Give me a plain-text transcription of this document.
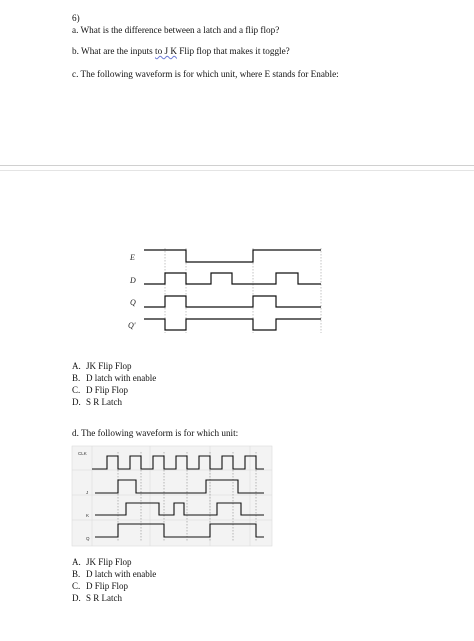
6)
a. What is the difference between a latch and a flip flop?
b. What are the inputs to J K Flip flop that makes it toggle?
c. The following waveform is for which unit, where E stands for Enable:
E
D
Q
Q'
A. JK Flip Flop
B. D latch with enable
C. D Flip Flop
D. S R Latch
d. The following waveform is for which unit:
CLK
J
K
Q
A. JK Flip Flop
B. D latch with enable
C. D Flip Flop
D. S R Latch
